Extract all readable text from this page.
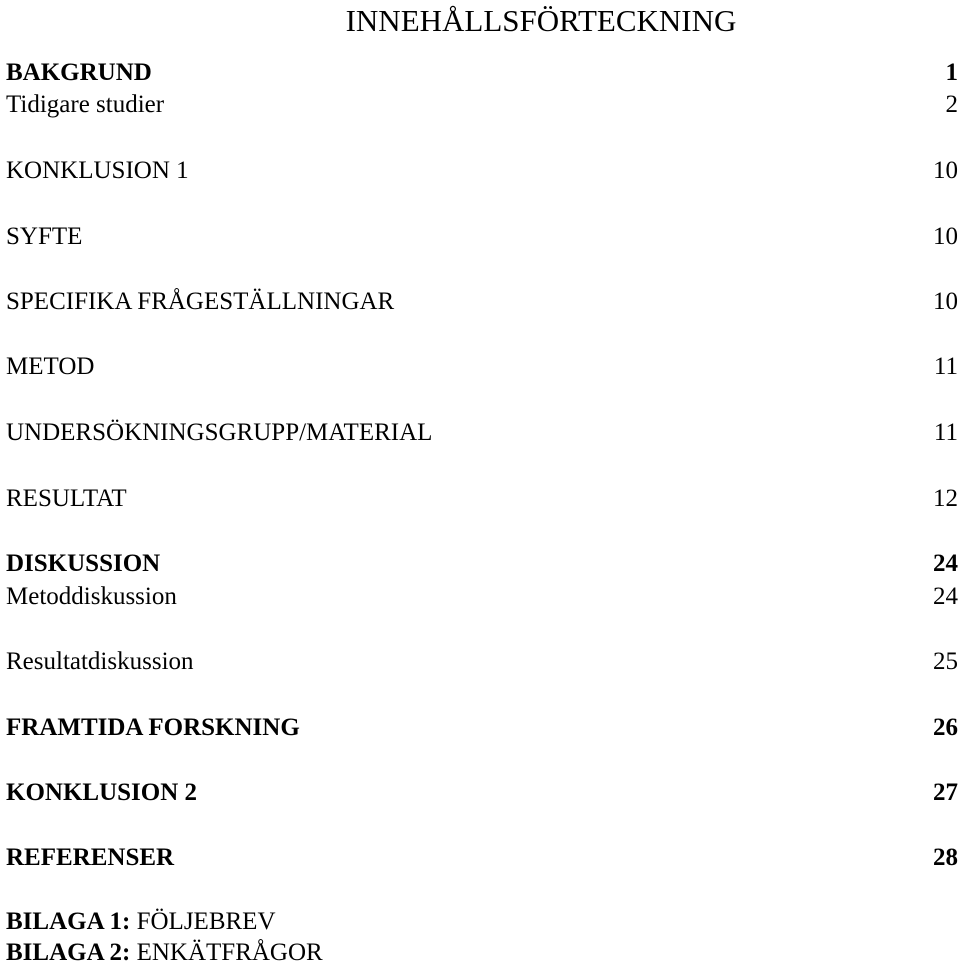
INNEHÅLLSFÖRTECKNING
BAKGRUND	1
Tidigare studier	2
KONKLUSION 1	10
SYFTE	10
SPECIFIKA FRÅGESTÄLLNINGAR	10
METOD	11
UNDERSÖKNINGSGRUPP/MATERIAL	11
RESULTAT	12
DISKUSSION	24
Metoddiskussion	24
Resultatdiskussion	25
FRAMTIDA FORSKNING	26
KONKLUSION 2	27
REFERENSER	28
BILAGA 1: FÖLJEBREV
BILAGA 2: ENKÄTFRÅGOR
